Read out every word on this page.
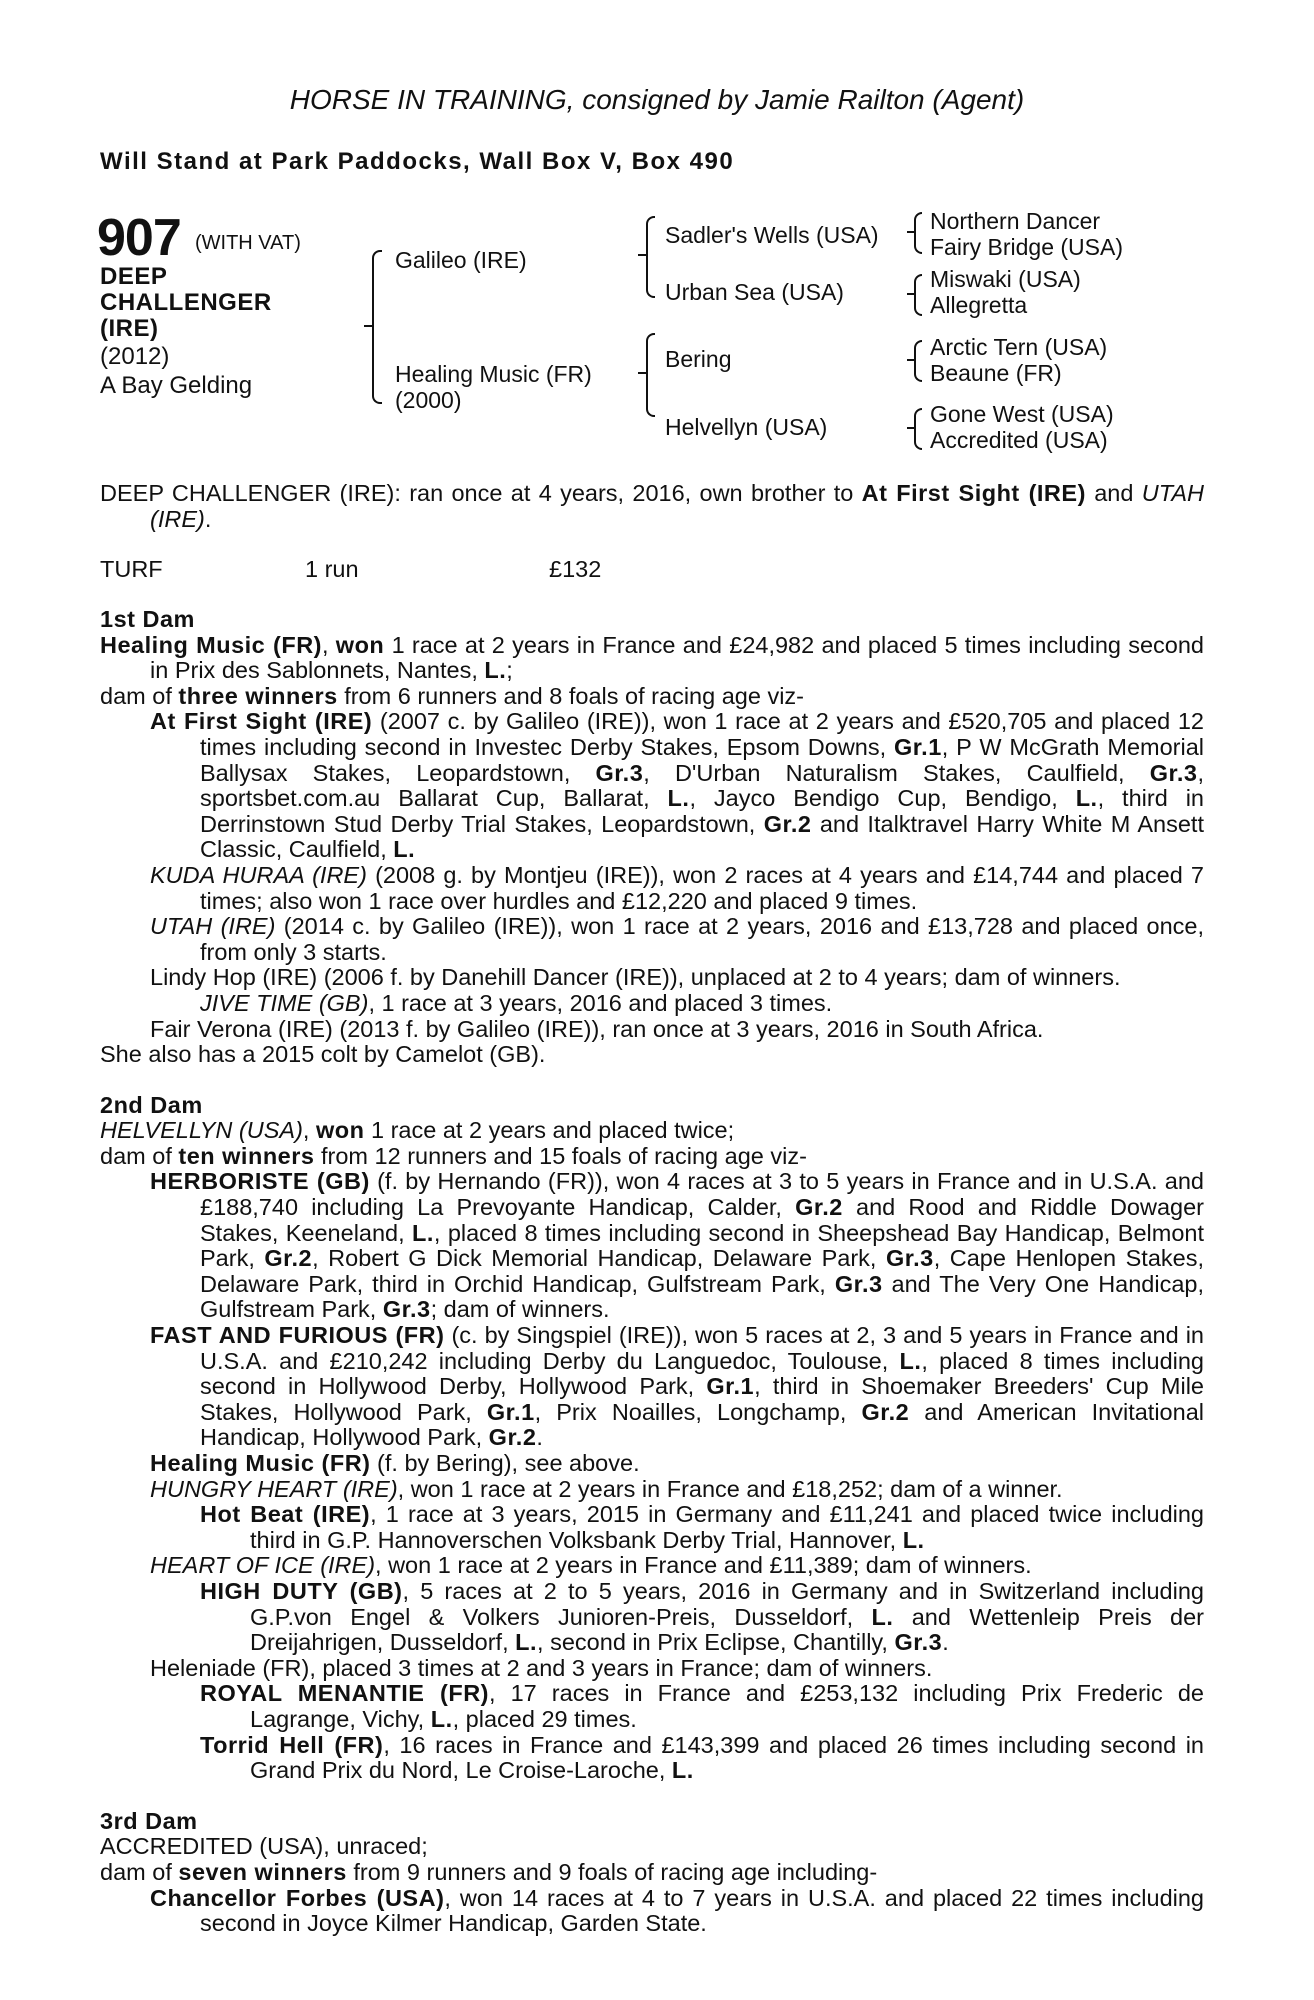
HORSE IN TRAINING, consigned by Jamie Railton (Agent)
Will Stand at Park Paddocks, Wall Box V, Box 490
907 (WITH VAT)
DEEP
CHALLENGER
(IRE)
(2012)
A Bay Gelding
Galileo (IRE)
Healing Music (FR)
(2000)
Sadler's Wells (USA)
Urban Sea (USA)
Bering
Helvellyn (USA)
Northern Dancer
Fairy Bridge (USA)
Miswaki (USA)
Allegretta
Arctic Tern (USA)
Beaune (FR)
Gone West (USA)
Accredited (USA)

DEEP CHALLENGER (IRE): ran once at 4 years, 2016, own brother to At First Sight (IRE) and UTAH (IRE).

TURF	1 run	£132

1st Dam

Healing Music (FR), won 1 race at 2 years in France and £24,982 and placed 5 times including second in Prix des Sablonnets, Nantes, L.;

dam of three winners from 6 runners and 8 foals of racing age viz-

At First Sight (IRE) (2007 c. by Galileo (IRE)), won 1 race at 2 years and £520,705 and placed 12 times including second in Investec Derby Stakes, Epsom Downs, Gr.1, P W McGrath Memorial Ballysax Stakes, Leopardstown, Gr.3, D'Urban Naturalism Stakes, Caulfield, Gr.3, sportsbet.com.au Ballarat Cup, Ballarat, L., Jayco Bendigo Cup, Bendigo, L., third in Derrinstown Stud Derby Trial Stakes, Leopardstown, Gr.2 and Italktravel Harry White M Ansett Classic, Caulfield, L.

KUDA HURAA (IRE) (2008 g. by Montjeu (IRE)), won 2 races at 4 years and £14,744 and placed 7 times; also won 1 race over hurdles and £12,220 and placed 9 times.

UTAH (IRE) (2014 c. by Galileo (IRE)), won 1 race at 2 years, 2016 and £13,728 and placed once, from only 3 starts.

Lindy Hop (IRE) (2006 f. by Danehill Dancer (IRE)), unplaced at 2 to 4 years; dam of winners.

JIVE TIME (GB), 1 race at 3 years, 2016 and placed 3 times.

Fair Verona (IRE) (2013 f. by Galileo (IRE)), ran once at 3 years, 2016 in South Africa.

She also has a 2015 colt by Camelot (GB).

2nd Dam

HELVELLYN (USA), won 1 race at 2 years and placed twice;

dam of ten winners from 12 runners and 15 foals of racing age viz-

HERBORISTE (GB) (f. by Hernando (FR)), won 4 races at 3 to 5 years in France and in U.S.A. and £188,740 including La Prevoyante Handicap, Calder, Gr.2 and Rood and Riddle Dowager Stakes, Keeneland, L., placed 8 times including second in Sheepshead Bay Handicap, Belmont Park, Gr.2, Robert G Dick Memorial Handicap, Delaware Park, Gr.3, Cape Henlopen Stakes, Delaware Park, third in Orchid Handicap, Gulfstream Park, Gr.3 and The Very One Handicap, Gulfstream Park, Gr.3; dam of winners.

FAST AND FURIOUS (FR) (c. by Singspiel (IRE)), won 5 races at 2, 3 and 5 years in France and in U.S.A. and £210,242 including Derby du Languedoc, Toulouse, L., placed 8 times including second in Hollywood Derby, Hollywood Park, Gr.1, third in Shoemaker Breeders' Cup Mile Stakes, Hollywood Park, Gr.1, Prix Noailles, Longchamp, Gr.2 and American Invitational Handicap, Hollywood Park, Gr.2.

Healing Music (FR) (f. by Bering), see above.

HUNGRY HEART (IRE), won 1 race at 2 years in France and £18,252; dam of a winner.

Hot Beat (IRE), 1 race at 3 years, 2015 in Germany and £11,241 and placed twice including third in G.P. Hannoverschen Volksbank Derby Trial, Hannover, L.

HEART OF ICE (IRE), won 1 race at 2 years in France and £11,389; dam of winners.

HIGH DUTY (GB), 5 races at 2 to 5 years, 2016 in Germany and in Switzerland including G.P.von Engel & Volkers Junioren-Preis, Dusseldorf, L. and Wettenleip Preis der Dreijahrigen, Dusseldorf, L., second in Prix Eclipse, Chantilly, Gr.3.

Heleniade (FR), placed 3 times at 2 and 3 years in France; dam of winners.

ROYAL MENANTIE (FR), 17 races in France and £253,132 including Prix Frederic de Lagrange, Vichy, L., placed 29 times.

Torrid Hell (FR), 16 races in France and £143,399 and placed 26 times including second in Grand Prix du Nord, Le Croise-Laroche, L.

3rd Dam

ACCREDITED (USA), unraced;

dam of seven winners from 9 runners and 9 foals of racing age including-

Chancellor Forbes (USA), won 14 races at 4 to 7 years in U.S.A. and placed 22 times including second in Joyce Kilmer Handicap, Garden State.
